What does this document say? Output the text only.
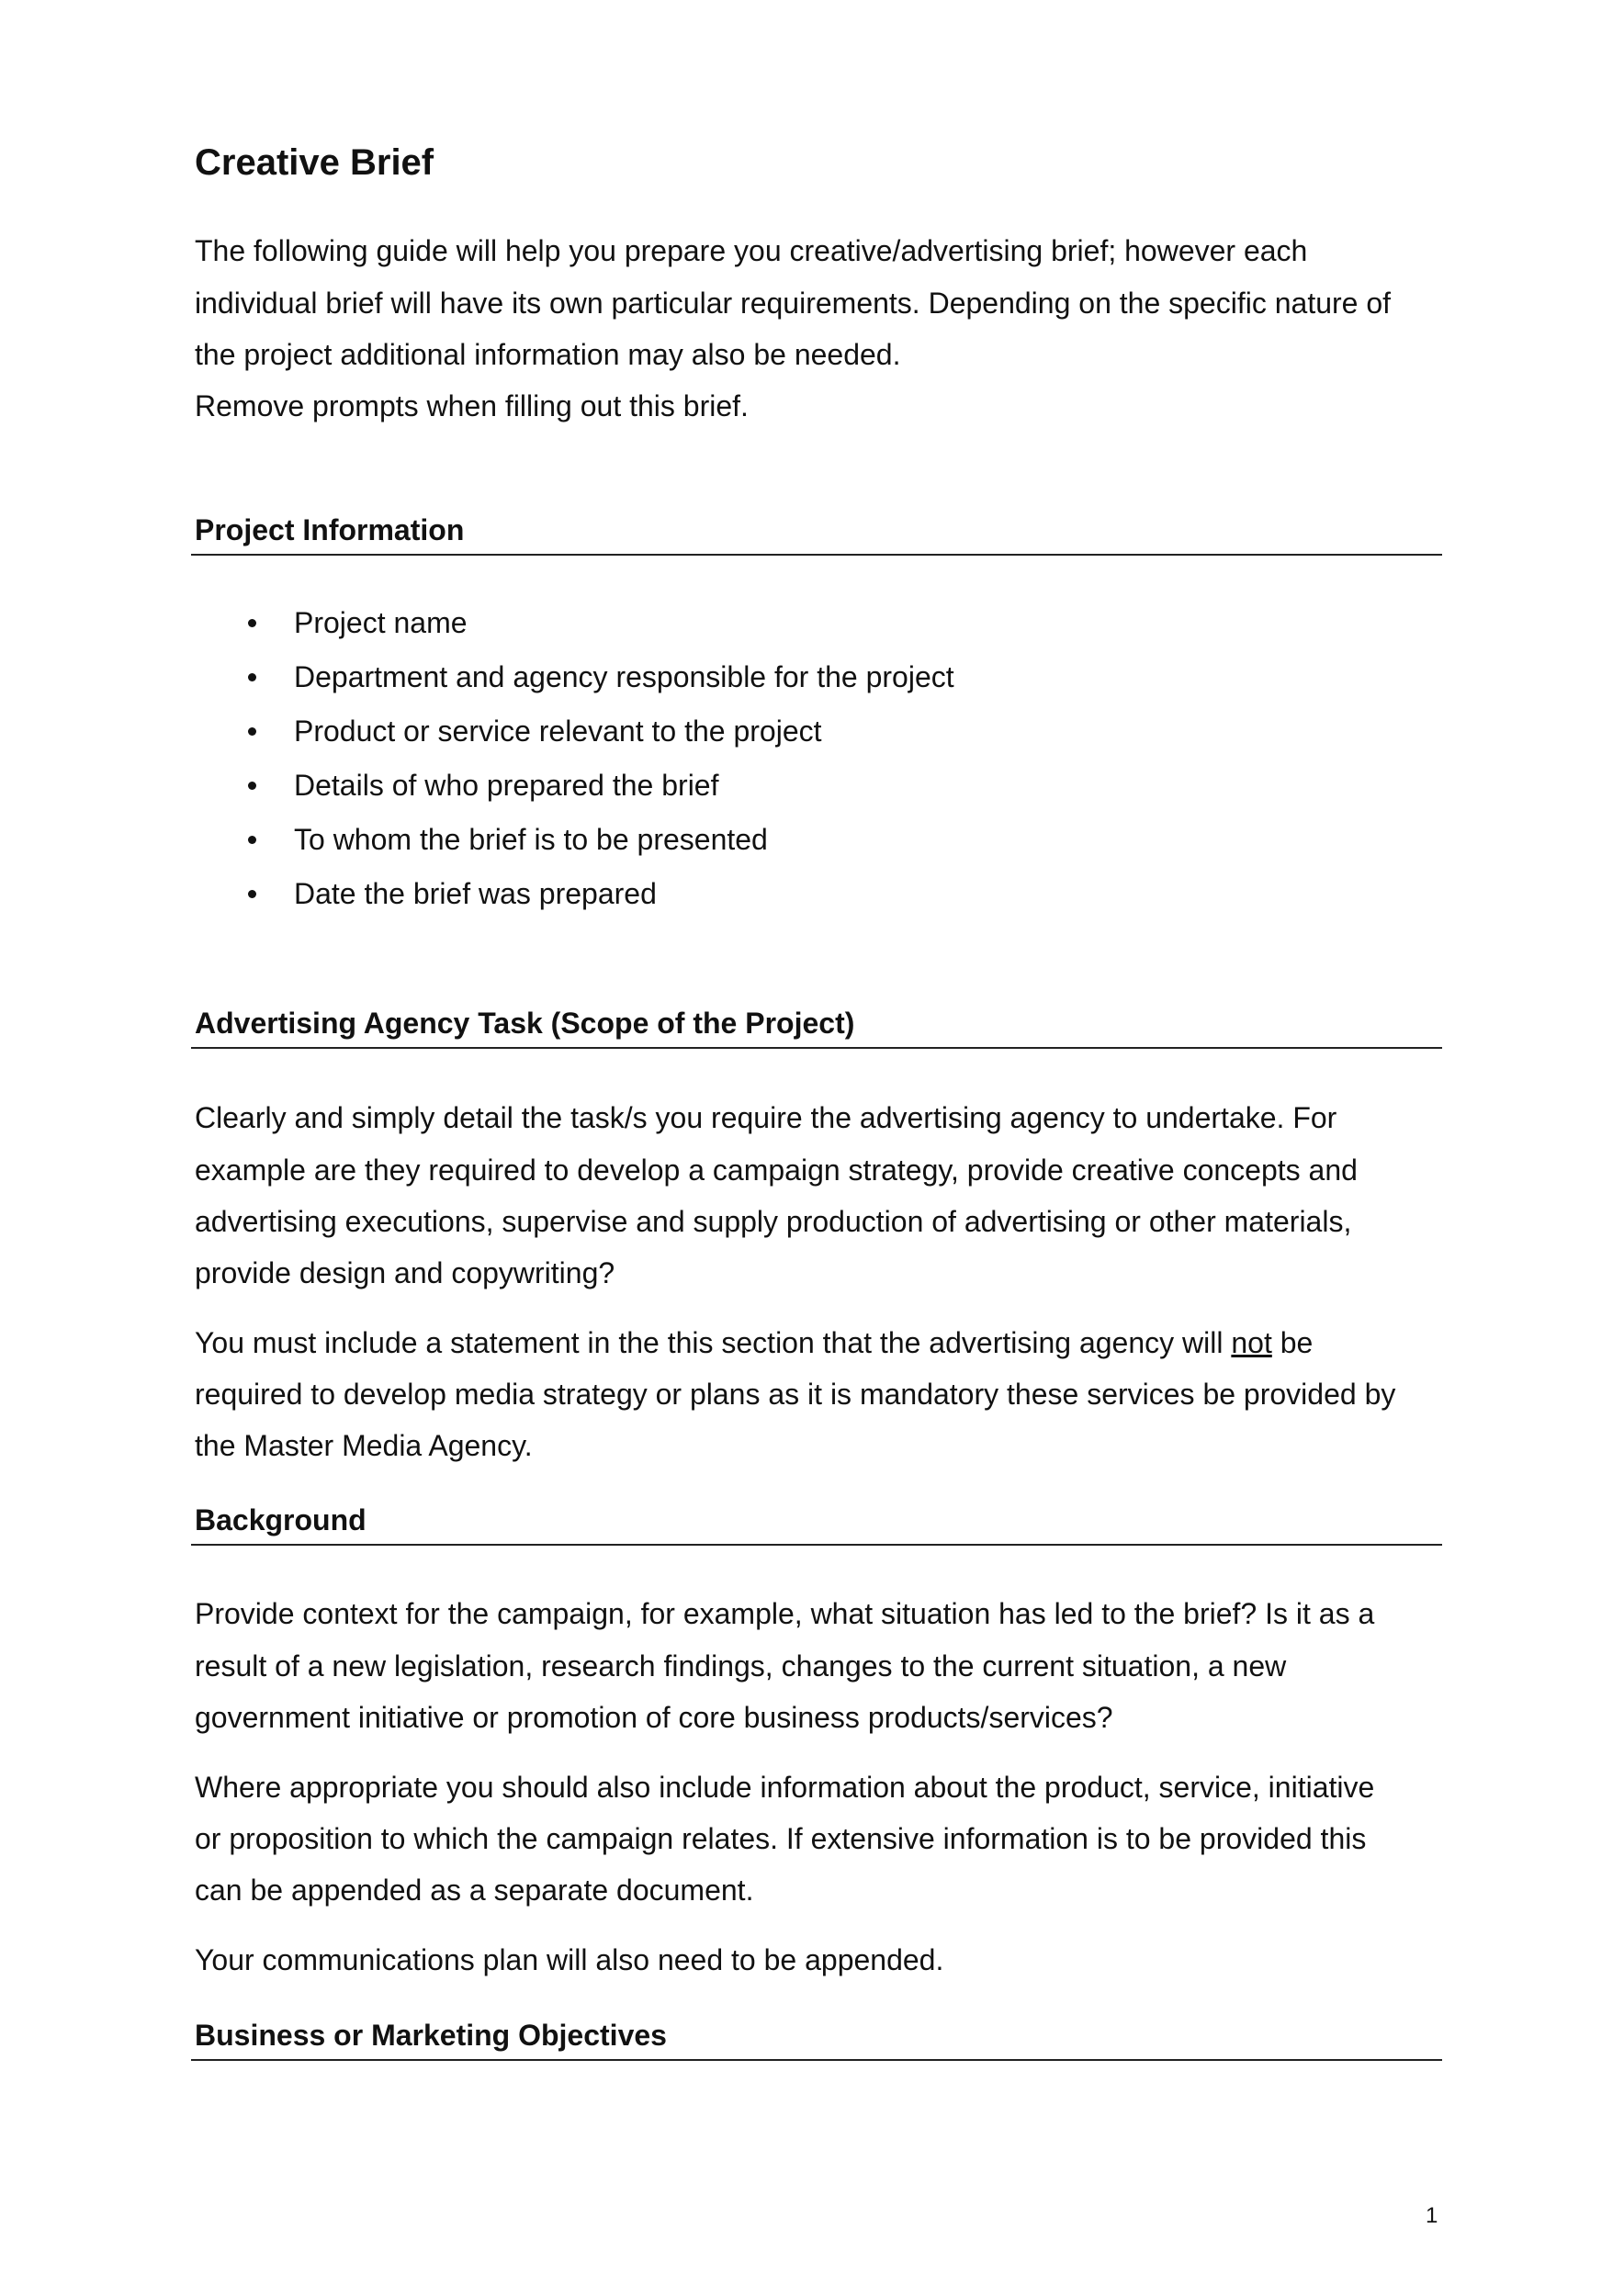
Creative Brief

The following guide will help you prepare you creative/advertising brief; however each

individual brief will have its own particular requirements. Depending on the specific nature of

the project additional information may also be needed.

Remove prompts when filling out this brief.

Project Information
Project name
Department and agency responsible for the project
Product or service relevant to the project
Details of who prepared the brief
To whom the brief is to be presented
Date the brief was prepared
Advertising Agency Task (Scope of the Project)

Clearly and simply detail the task/s you require the advertising agency to undertake. For

example are they required to develop a campaign strategy, provide creative concepts and

advertising executions, supervise and supply production of advertising or other materials,

provide design and copywriting?

You must include a statement in the this section that the advertising agency will not be

required to develop media strategy or plans as it is mandatory these services be provided by

the Master Media Agency.

Background

Provide context for the campaign, for example, what situation has led to the brief? Is it as a

result of a new legislation, research findings, changes to the current situation, a new

government initiative or promotion of core business products/services?

Where appropriate you should also include information about the product, service, initiative

or proposition to which the campaign relates. If extensive information is to be provided this

can be appended as a separate document.

Your communications plan will also need to be appended.

Business or Marketing Objectives
1
